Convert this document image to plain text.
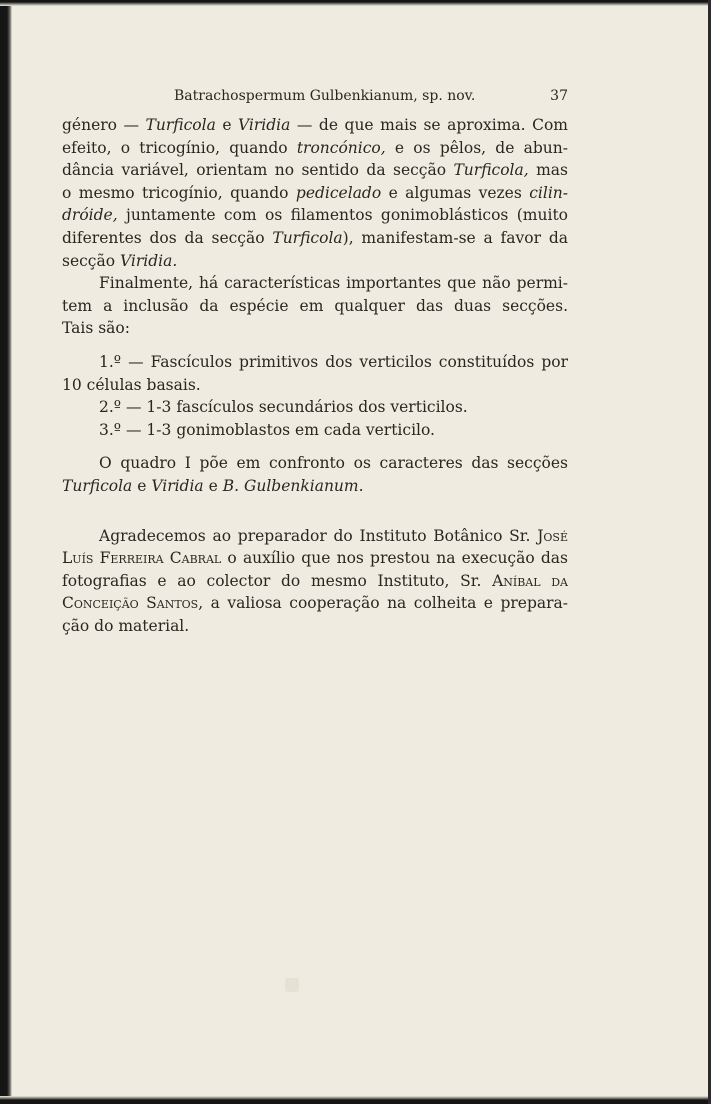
Batrachospermum Gulbenkianum, sp. nov.	37
género — Turficola e Viridia — de que mais se aproxima. Com
efeito, o tricogínio, quando troncónico, e os pêlos, de abun-
dância variável, orientam no sentido da secção Turficola, mas
o mesmo tricogínio, quando pedicelado e algumas vezes cilin-
dróide, juntamente com os filamentos gonimoblásticos (muito
diferentes dos da secção Turficola), manifestam-se a favor da
secção Viridia.
Finalmente, há características importantes que não permi-
tem a inclusão da espécie em qualquer das duas secções.
Tais são:
1.º — Fascículos primitivos dos verticilos constituídos por
10 células basais.
2.º — 1-3 fascículos secundários dos verticilos.
3.º — 1-3 gonimoblastos em cada verticilo.
O quadro I põe em confronto os caracteres das secções
Turficola e Viridia e B. Gulbenkianum.
Agradecemos ao preparador do Instituto Botânico Sr. José
Luís Ferreira Cabral o auxílio que nos prestou na execução das
fotografias e ao colector do mesmo Instituto, Sr. Aníbal da
Conceição Santos, a valiosa cooperação na colheita e prepara-
ção do material.
